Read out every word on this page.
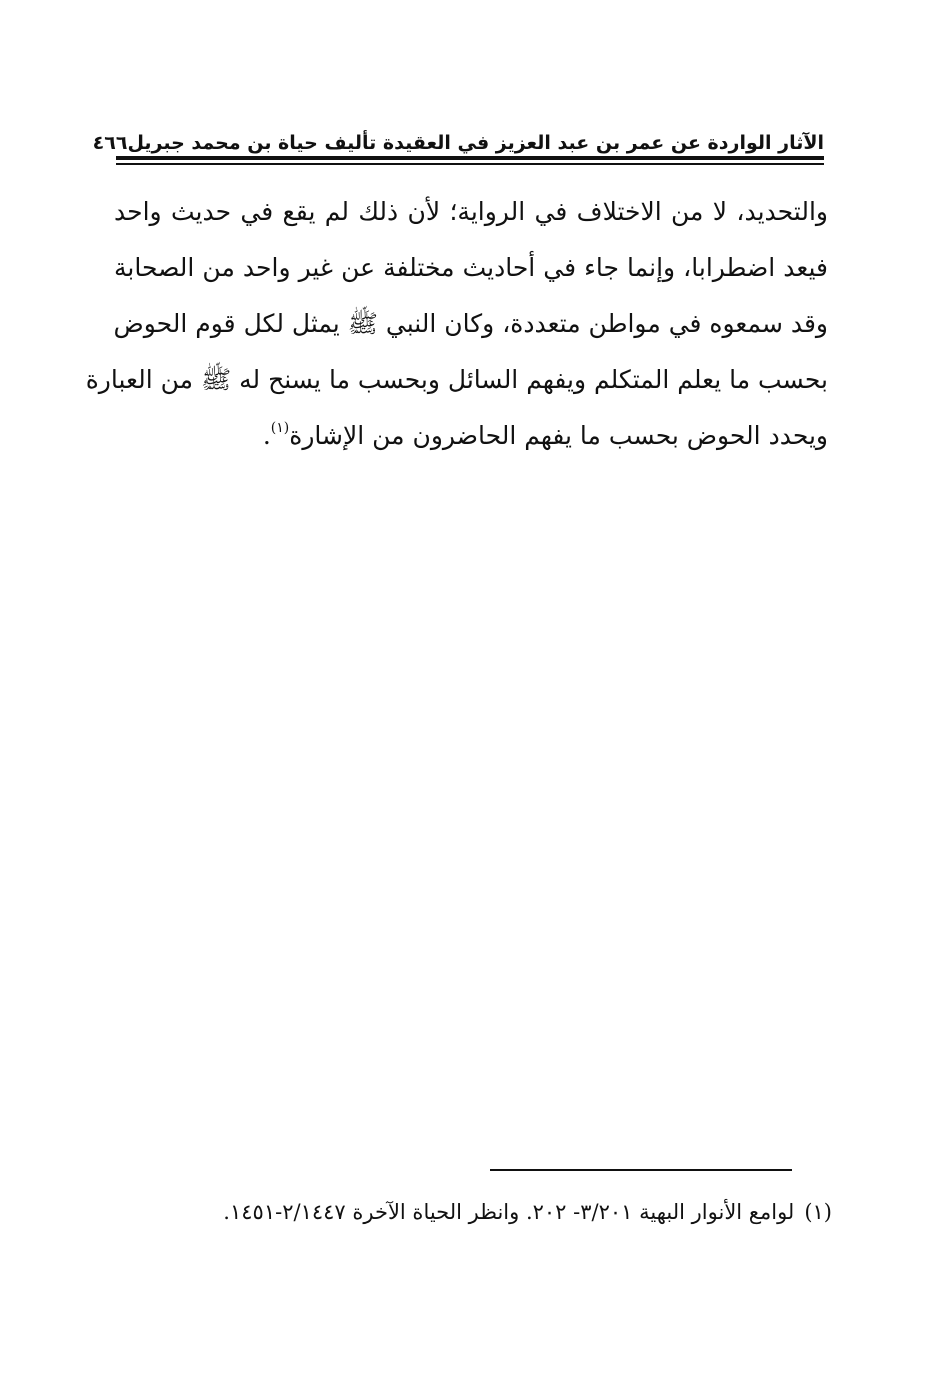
الآثار الواردة عن عمر بن عبد العزيز في العقيدة تأليف حياة بن محمد جبريل
٤٦٦
والتحديد، لا من الاختلاف في الرواية؛ لأن ذلك لم يقع في حديث واحد
فيعد اضطرابا، وإنما جاء في أحاديث مختلفة عن غير واحد من الصحابة
وقد سمعوه في مواطن متعددة، وكان النبي ﷺ يمثل لكل قوم الحوض
بحسب ما يعلم المتكلم ويفهم السائل وبحسب ما يسنح له ﷺ من العبارة
ويحدد الحوض بحسب ما يفهم الحاضرون من الإشارة$^{(١)}$.
(١)لوامع الأنوار البهية ٣/٢٠١- ٢٠٢. وانظر الحياة الآخرة ٢/١٤٤٧-١٤٥١.
